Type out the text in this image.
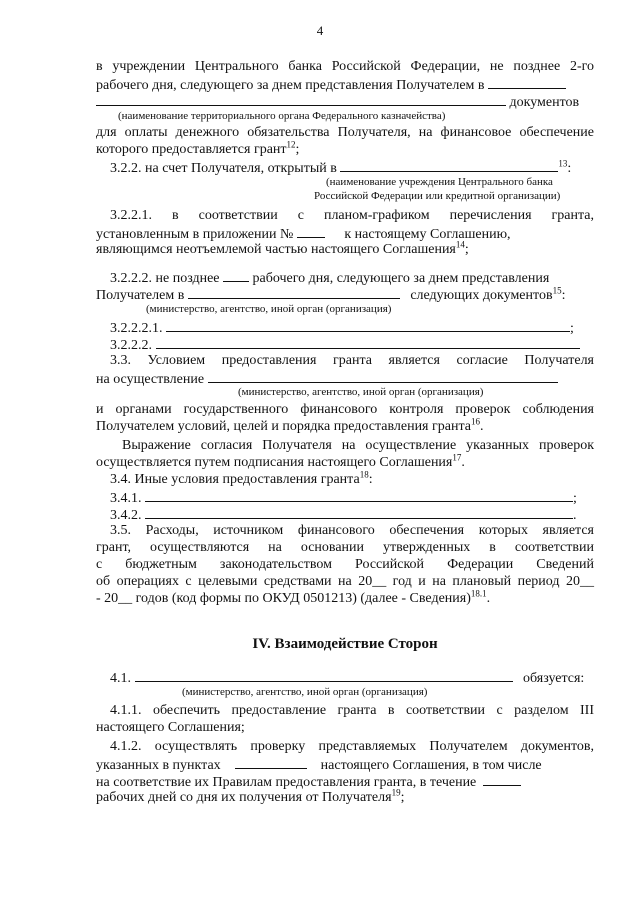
4
в учреждении Центрального банка Российской Федерации, не позднее 2-го
рабочего дня, следующего за днем представления Получателем в
документов
(наименование территориального органа Федерального казначейства)
для оплаты денежного обязательства Получателя, на финансовое обеспечение
которого предоставляется грант$^{12}$;
3.2.2. на счет Получателя, открытый в	$^{13}$:
(наименование учреждения Центрального банка
Российской Федерации или кредитной организации)
3.2.2.1. в соответствии с планом-графиком перечисления гранта,
установленным в приложении №	к настоящему Соглашению,
являющимся неотъемлемой частью настоящего Соглашения$^{14}$;
3.2.2.2. не позднее рабочего дня, следующего за днем представления
Получателем в	следующих документов$^{15}$:
(министерство, агентство, иной орган (организация)
3.2.2.2.1.	;
3.2.2.2.
3.3. Условием предоставления гранта является согласие Получателя
на осуществление
(министерство, агентство, иной орган (организация)
и органами государственного финансового контроля проверок соблюдения
Получателем условий, целей и порядка предоставления гранта$^{16}$.
Выражение согласия Получателя на осуществление указанных проверок
осуществляется путем подписания настоящего Соглашения$^{17}$.
3.4. Иные условия предоставления гранта$^{18}$:
3.4.1.	;
3.4.2.	.
3.5. Расходы, источником финансового обеспечения которых является
грант, осуществляются на основании утвержденных в соответствии
с бюджетным законодательством Российской Федерации Сведений
об операциях с целевыми средствами на 20__ год и на плановый период 20__
- 20__ годов (код формы по ОКУД 0501213) (далее - Сведения)$^{18.1}$.
IV. Взаимодействие Сторон
4.1.	обязуется:
(министерство, агентство, иной орган (организация)
4.1.1. обеспечить предоставление гранта в соответствии с разделом III
настоящего Соглашения;
4.1.2. осуществлять проверку представляемых Получателем документов,
указанных в пунктах	настоящего Соглашения, в том числе
на соответствие их Правилам предоставления гранта, в течение
рабочих дней со дня их получения от Получателя$^{19}$;
